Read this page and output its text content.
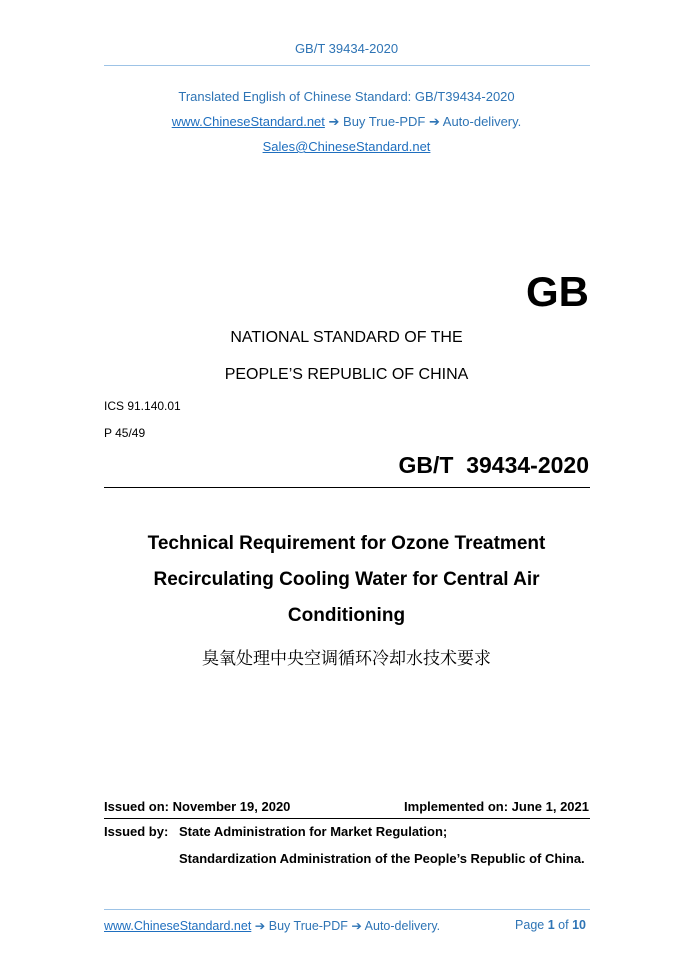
GB/T 39434-2020
Translated English of Chinese Standard: GB/T39434-2020
www.ChineseStandard.net ➔ Buy True-PDF ➔ Auto-delivery.
Sales@ChineseStandard.net
GB
NATIONAL STANDARD OF THE
PEOPLE’S REPUBLIC OF CHINA
ICS 91.140.01
P 45/49
GB/T  39434-2020
Technical Requirement for Ozone Treatment
Recirculating Cooling Water for Central Air
Conditioning
臭氧处理中央空调循环冷却水技术要求
Issued on: November 19, 2020	Implemented on: June 1, 2021
Issued by: State Administration for Market Regulation;
Standardization Administration of the People’s Republic of China.
www.ChineseStandard.net ➔ Buy True-PDF ➔ Auto-delivery.	Page 1 of 10
